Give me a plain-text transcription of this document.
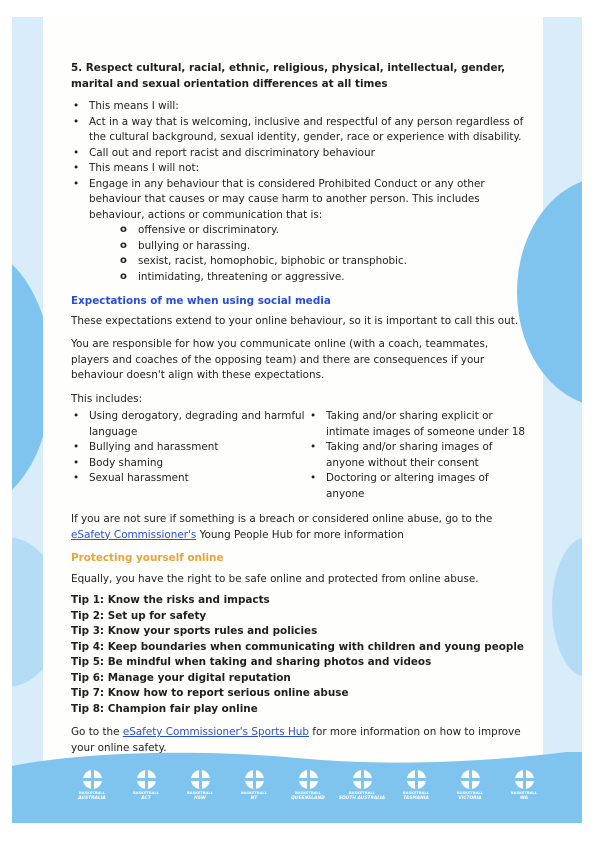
5. Respect cultural, racial, ethnic, religious, physical, intellectual, gender, marital and sexual orientation differences at all times

• This means I will:
• Act in a way that is welcoming, inclusive and respectful of any person regardless of the cultural background, sexual identity, gender, race or experience with disability.
• Call out and report racist and discriminatory behaviour
• This means I will not:
• Engage in any behaviour that is considered Prohibited Conduct or any other behaviour that causes or may cause harm to another person. This includes behaviour, actions or communication that is:
o offensive or discriminatory.
o bullying or harassing.
o sexist, racist, homophobic, biphobic or transphobic.
o intimidating, threatening or aggressive.

Expectations of me when using social media

These expectations extend to your online behaviour, so it is important to call this out.

You are responsible for how you communicate online (with a coach, teammates, players and coaches of the opposing team) and there are consequences if your behaviour doesn't align with these expectations.

This includes:

• Using derogatory, degrading and harmful language
• Bullying and harassment
• Body shaming
• Sexual harassment
• Taking and/or sharing explicit or intimate images of someone under 18
• Taking and/or sharing images of anyone without their consent
• Doctoring or altering images of anyone

If you are not sure if something is a breach or considered online abuse, go to the eSafety Commissioner's Young People Hub for more information

Protecting yourself online

Equally, you have the right to be safe online and protected from online abuse.

Tip 1: Know the risks and impacts
Tip 2: Set up for safety
Tip 3: Know your sports rules and policies
Tip 4: Keep boundaries when communicating with children and young people
Tip 5: Be mindful when taking and sharing photos and videos
Tip 6: Manage your digital reputation
Tip 7: Know how to report serious online abuse
Tip 8: Champion fair play online

Go to the eSafety Commissioner's Sports Hub for more information on how to improve your online safety.

BASKETBALL
AUSTRALIA
BASKETBALL
ACT
BASKETBALL
NSW
BASKETBALL
NT
BASKETBALL
QUEENSLAND
BASKETBALL
SOUTH AUSTRALIA
BASKETBALL
TASMANIA
BASKETBALL
VICTORIA
BASKETBALL
WA
